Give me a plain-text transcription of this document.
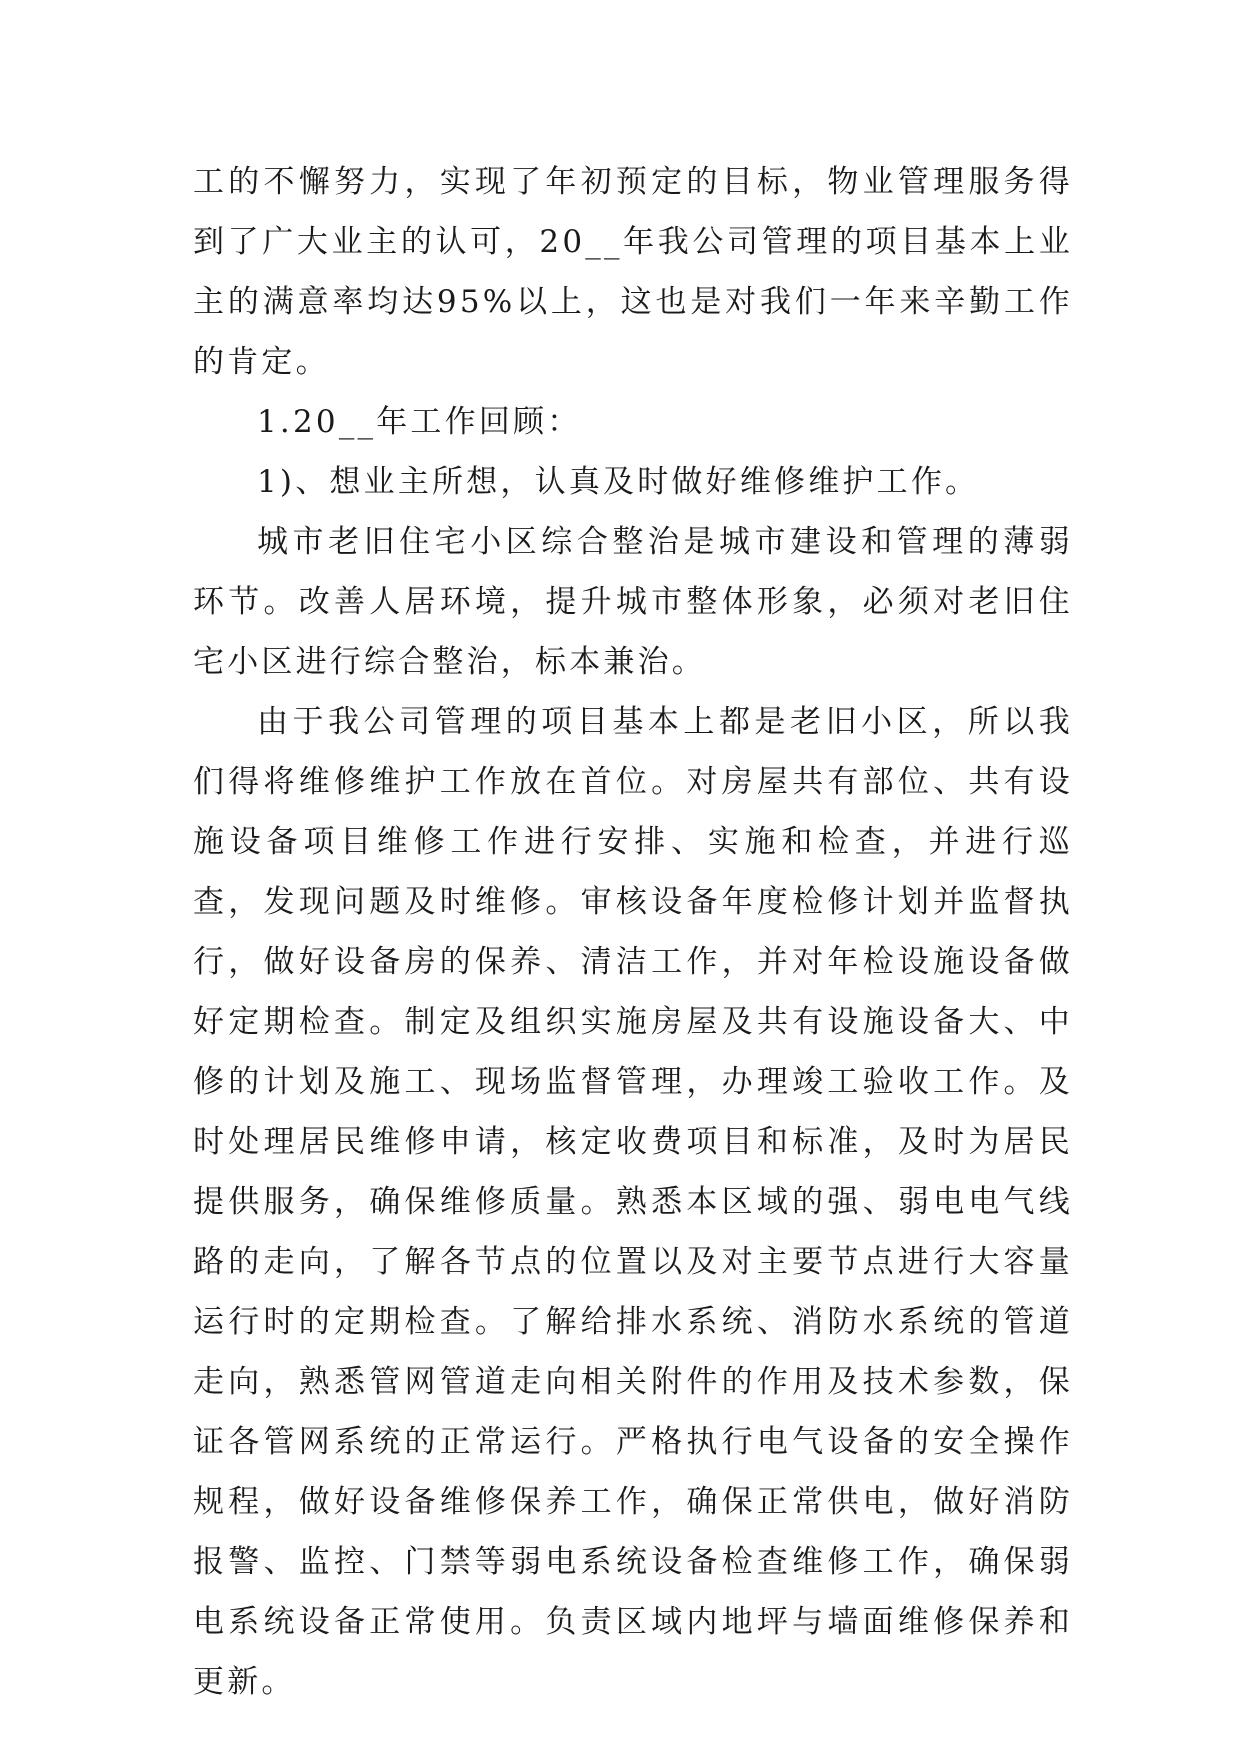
工的不懈努力，实现了年初预定的目标，物业管理服务得到了广大业主的认可，20__年我公司管理的项目基本上业主的满意率均达95%以上，这也是对我们一年来辛勤工作的肯定。

1.20__年工作回顾：

1)、想业主所想，认真及时做好维修维护工作。

城市老旧住宅小区综合整治是城市建设和管理的薄弱环节。改善人居环境，提升城市整体形象，必须对老旧住宅小区进行综合整治，标本兼治。

由于我公司管理的项目基本上都是老旧小区，所以我们得将维修维护工作放在首位。对房屋共有部位、共有设施设备项目维修工作进行安排、实施和检查，并进行巡查，发现问题及时维修。审核设备年度检修计划并监督执行，做好设备房的保养、清洁工作，并对年检设施设备做好定期检查。制定及组织实施房屋及共有设施设备大、中修的计划及施工、现场监督管理，办理竣工验收工作。及时处理居民维修申请，核定收费项目和标准，及时为居民提供服务，确保维修质量。熟悉本区域的强、弱电电气线路的走向，了解各节点的位置以及对主要节点进行大容量运行时的定期检查。了解给排水系统、消防水系统的管道走向，熟悉管网管道走向相关附件的作用及技术参数，保证各管网系统的正常运行。严格执行电气设备的安全操作规程，做好设备维修保养工作，确保正常供电，做好消防报警、监控、门禁等弱电系统设备检查维修工作，确保弱电系统设备正常使用。负责区域内地坪与墙面维修保养和更新。
